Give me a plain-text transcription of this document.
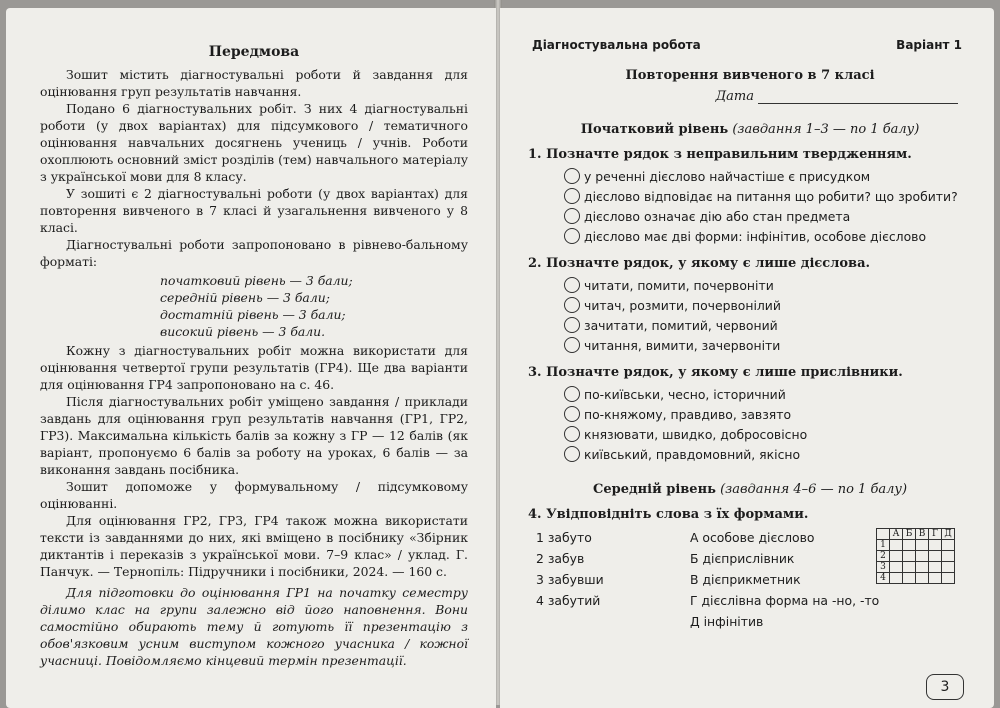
Передмова

Зошит містить діагностувальні роботи й завдання для оцінювання груп результатів навчання.

Подано 6 діагностувальних робіт. З них 4 діагностувальні роботи (у двох варіантах) для підсумкового / тематичного оцінювання навчальних досягнень учениць / учнів. Роботи охоплюють основний зміст розділів (тем) навчального матеріалу з української мови для 8 класу.

У зошиті є 2 діагностувальні роботи (у двох варіантах) для повторення вивченого в 7 класі й узагальнення вивченого у 8 класі.

Діагностувальні роботи запропоновано в рівнево-бальному форматі:

початковий рівень — 3 бали;
середній рівень — 3 бали;
достатній рівень — 3 бали;
високий рівень — 3 бали.

Кожну з діагностувальних робіт можна використати для оцінювання четвертої групи результатів (ГР4). Ще два варіанти для оцінювання ГР4 запропоновано на с. 46.

Після діагностувальних робіт уміщено завдання / приклади завдань для оцінювання груп результатів навчання (ГР1, ГР2, ГР3). Максимальна кількість балів за кожну з ГР — 12 балів (як варіант, пропонуємо 6 балів за роботу на уроках, 6 балів — за виконання завдань посібника.

Зошит допоможе у формувальному / підсумковому оцінюванні.

Для оцінювання ГР2, ГР3, ГР4 також можна використати тексти із завданнями до них, які вміщено в посібнику «Збірник диктантів і переказів з української мови. 7–9 клас» / уклад. Г. Панчук. — Тернопіль: Підручники і посібники, 2024. — 160 с.

Для підготовки до оцінювання ГР1 на початку семестру ділимо клас на групи залежно від його наповнення. Вони самостійно обирають тему й готують її презентацію з обов'язковим усним виступом кожного учасника / кожної учасниці. Повідомляємо кінцевий термін презентації.

Діагностувальна робота	Варіант 1
Повторення вивченого в 7 класі
Дата
Початковий рівень (завдання 1–3 — по 1 балу)
1. Позначте рядок з неправильним твердженням.
у реченні дієслово найчастіше є присудком
дієслово відповідає на питання що робити? що зробити?
дієслово означає дію або стан предмета
дієслово має дві форми: інфінітив, особове дієслово
2. Позначте рядок, у якому є лише дієслова.
читати, помити, почервоніти
читач, розмити, почервонілий
зачитати, помитий, червоний
читання, вимити, зачервоніти
3. Позначте рядок, у якому є лише прислівники.
по-київськи, чесно, історичний
по-княжому, правдиво, завзято
князювати, швидко, доброcовісно
київський, правдомовний, якісно
Середній рівень (завдання 4–6 — по 1 балу)
4. Увідповідніть слова з їх формами.
1 забуто
2 забув
3 забувши
4 забутий
А особове дієслово
Б дієприслівник
В дієприкметник
Г дієслівна форма на -но, -то
Д інфінітив
	А	Б	В	Г	Д
1					
2					
3					
4					
3
